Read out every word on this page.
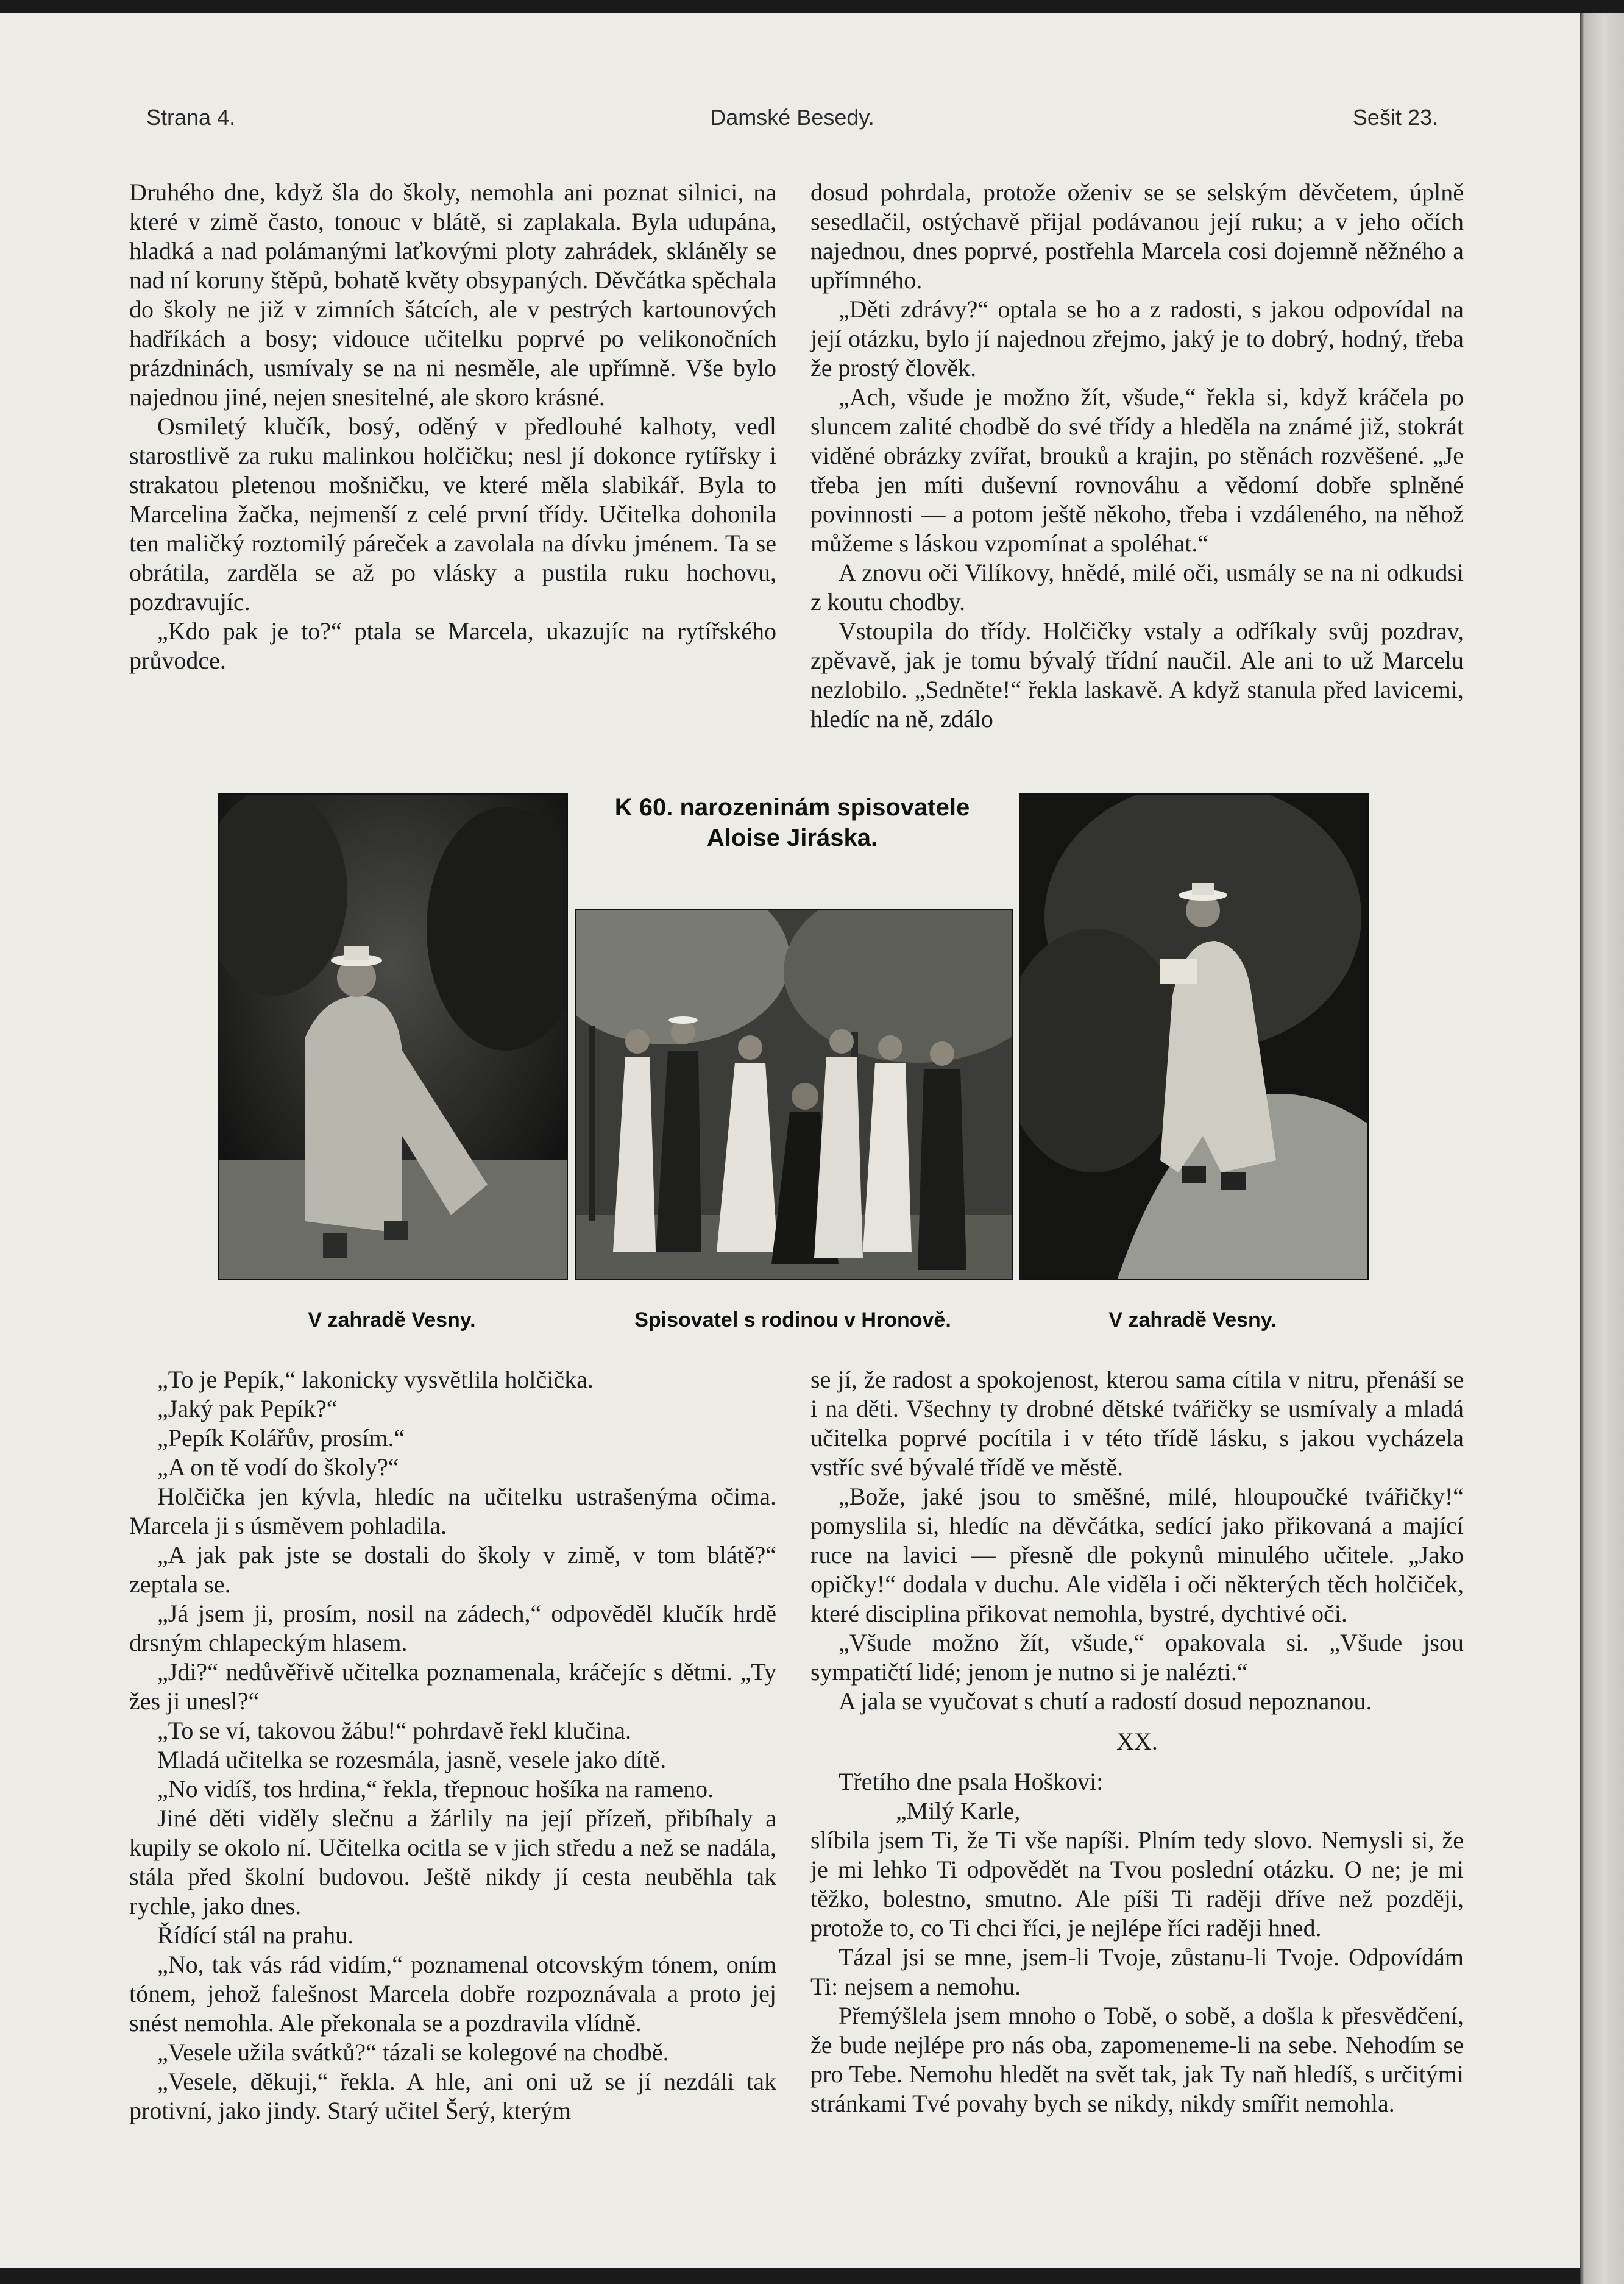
Strana 4.	Damské Besedy.	Sešit 23.

Druhého dne, když šla do školy, nemohla ani poznat silnici, na které v zimě často, tonouc v blátě, si zaplakala. Byla udupána, hladká a nad polámanými laťkovými ploty zahrádek, skláněly se nad ní koruny štěpů, bohatě květy obsypaných. Děvčátka spěchala do školy ne již v zimních šátcích, ale v pestrých kartounových hadříkách a bosy; vidouce učitelku poprvé po velikonočních prázdninách, usmívaly se na ni nesměle, ale upřímně. Vše bylo najednou jiné, nejen snesitelné, ale skoro krásné.

Osmiletý klučík, bosý, oděný v předlouhé kalhoty, vedl starostlivě za ruku malinkou holčičku; nesl jí dokonce rytířsky i strakatou pletenou mošničku, ve které měla slabikář. Byla to Marcelina žačka, nejmenší z celé první třídy. Učitelka dohonila ten maličký roztomilý páreček a zavolala na dívku jménem. Ta se obrátila, zarděla se až po vlásky a pustila ruku hochovu, pozdravujíc.

„Kdo pak je to?“ ptala se Marcela, ukazujíc na rytířského průvodce.

dosud pohrdala, protože oženiv se se selským děvčetem, úplně sesedlačil, ostýchavě přijal podávanou její ruku; a v jeho očích najednou, dnes poprvé, postřehla Marcela cosi dojemně něžného a upřímného.

„Děti zdrávy?“ optala se ho a z radosti, s jakou odpovídal na její otázku, bylo jí najednou zřejmo, jaký je to dobrý, hodný, třeba že prostý člověk.

„Ach, všude je možno žít, všude,“ řekla si, když kráčela po sluncem zalité chodbě do své třídy a hleděla na známé již, stokrát viděné obrázky zvířat, brouků a krajin, po stěnách rozvěšené. „Je třeba jen míti duševní rovnováhu a vědomí dobře splněné povinnosti — a potom ještě někoho, třeba i vzdáleného, na něhož můžeme s láskou vzpomínat a spoléhat.“

A znovu oči Vilíkovy, hnědé, milé oči, usmály se na ni odkudsi z koutu chodby.

Vstoupila do třídy. Holčičky vstaly a odříkaly svůj pozdrav, zpěvavě, jak je tomu bývalý třídní naučil. Ale ani to už Marcelu nezlobilo. „Sedněte!“ řekla laskavě. A když stanula před lavicemi, hledíc na ně, zdálo

K 60. narozeninám spisovatele
Aloise Jiráska.
V zahradě Vesny.	Spisovatel s rodinou v Hronově.	V zahradě Vesny.

„To je Pepík,“ lakonicky vysvětlila holčička.

„Jaký pak Pepík?“

„Pepík Kolářův, prosím.“

„A on tě vodí do školy?“

Holčička jen kývla, hledíc na učitelku ustrašenýma očima. Marcela ji s úsměvem pohladila.

„A jak pak jste se dostali do školy v zimě, v tom blátě?“ zeptala se.

„Já jsem ji, prosím, nosil na zádech,“ odpověděl klučík hrdě drsným chlapeckým hlasem.

„Jdi?“ nedůvěřivě učitelka poznamenala, kráčejíc s dětmi. „Ty žes ji unesl?“

„To se ví, takovou žábu!“ pohrdavě řekl klučina.

Mladá učitelka se rozesmála, jasně, vesele jako dítě.

„No vidíš, tos hrdina,“ řekla, třepnouc hošíka na rameno.

Jiné děti viděly slečnu a žárlily na její přízeň, přibíhaly a kupily se okolo ní. Učitelka ocitla se v jich středu a než se nadála, stála před školní budovou. Ještě nikdy jí cesta neuběhla tak rychle, jako dnes.

Řídící stál na prahu.

„No, tak vás rád vidím,“ poznamenal otcovským tónem, oním tónem, jehož falešnost Marcela dobře rozpoznávala a proto jej snést nemohla. Ale překonala se a pozdravila vlídně.

„Vesele užila svátků?“ tázali se kolegové na chodbě.

„Vesele, děkuji,“ řekla. A hle, ani oni už se jí nezdáli tak protivní, jako jindy. Starý učitel Šerý, kterým

se jí, že radost a spokojenost, kterou sama cítila v nitru, přenáší se i na děti. Všechny ty drobné dětské tvářičky se usmívaly a mladá učitelka poprvé pocítila i v této třídě lásku, s jakou vycházela vstříc své bývalé třídě ve městě.

„Bože, jaké jsou to směšné, milé, hloupoučké tvářičky!“ pomyslila si, hledíc na děvčátka, sedící jako přikovaná a mající ruce na lavici — přesně dle pokynů minulého učitele. „Jako opičky!“ dodala v duchu. Ale viděla i oči některých těch holčiček, které disciplina přikovat nemohla, bystré, dychtivé oči.

„Všude možno žít, všude,“ opakovala si. „Všude jsou sympatičtí lidé; jenom je nutno si je nalézti.“

A jala se vyučovat s chutí a radostí dosud nepoznanou.

XX.

Třetího dne psala Hoškovi:

„Milý Karle,

slíbila jsem Ti, že Ti vše napíši. Plním tedy slovo. Nemysli si, že je mi lehko Ti odpovědět na Tvou poslední otázku. O ne; je mi těžko, bolestno, smutno. Ale píši Ti raději dříve než později, protože to, co Ti chci říci, je nejlépe říci raději hned.

Tázal jsi se mne, jsem-li Tvoje, zůstanu-li Tvoje. Odpovídám Ti: nejsem a nemohu.

Přemýšlela jsem mnoho o Tobě, o sobě, a došla k přesvědčení, že bude nejlépe pro nás oba, zapomeneme-li na sebe. Nehodím se pro Tebe. Nemohu hledět na svět tak, jak Ty naň hledíš, s určitými stránkami Tvé povahy bych se nikdy, nikdy smířit nemohla.
